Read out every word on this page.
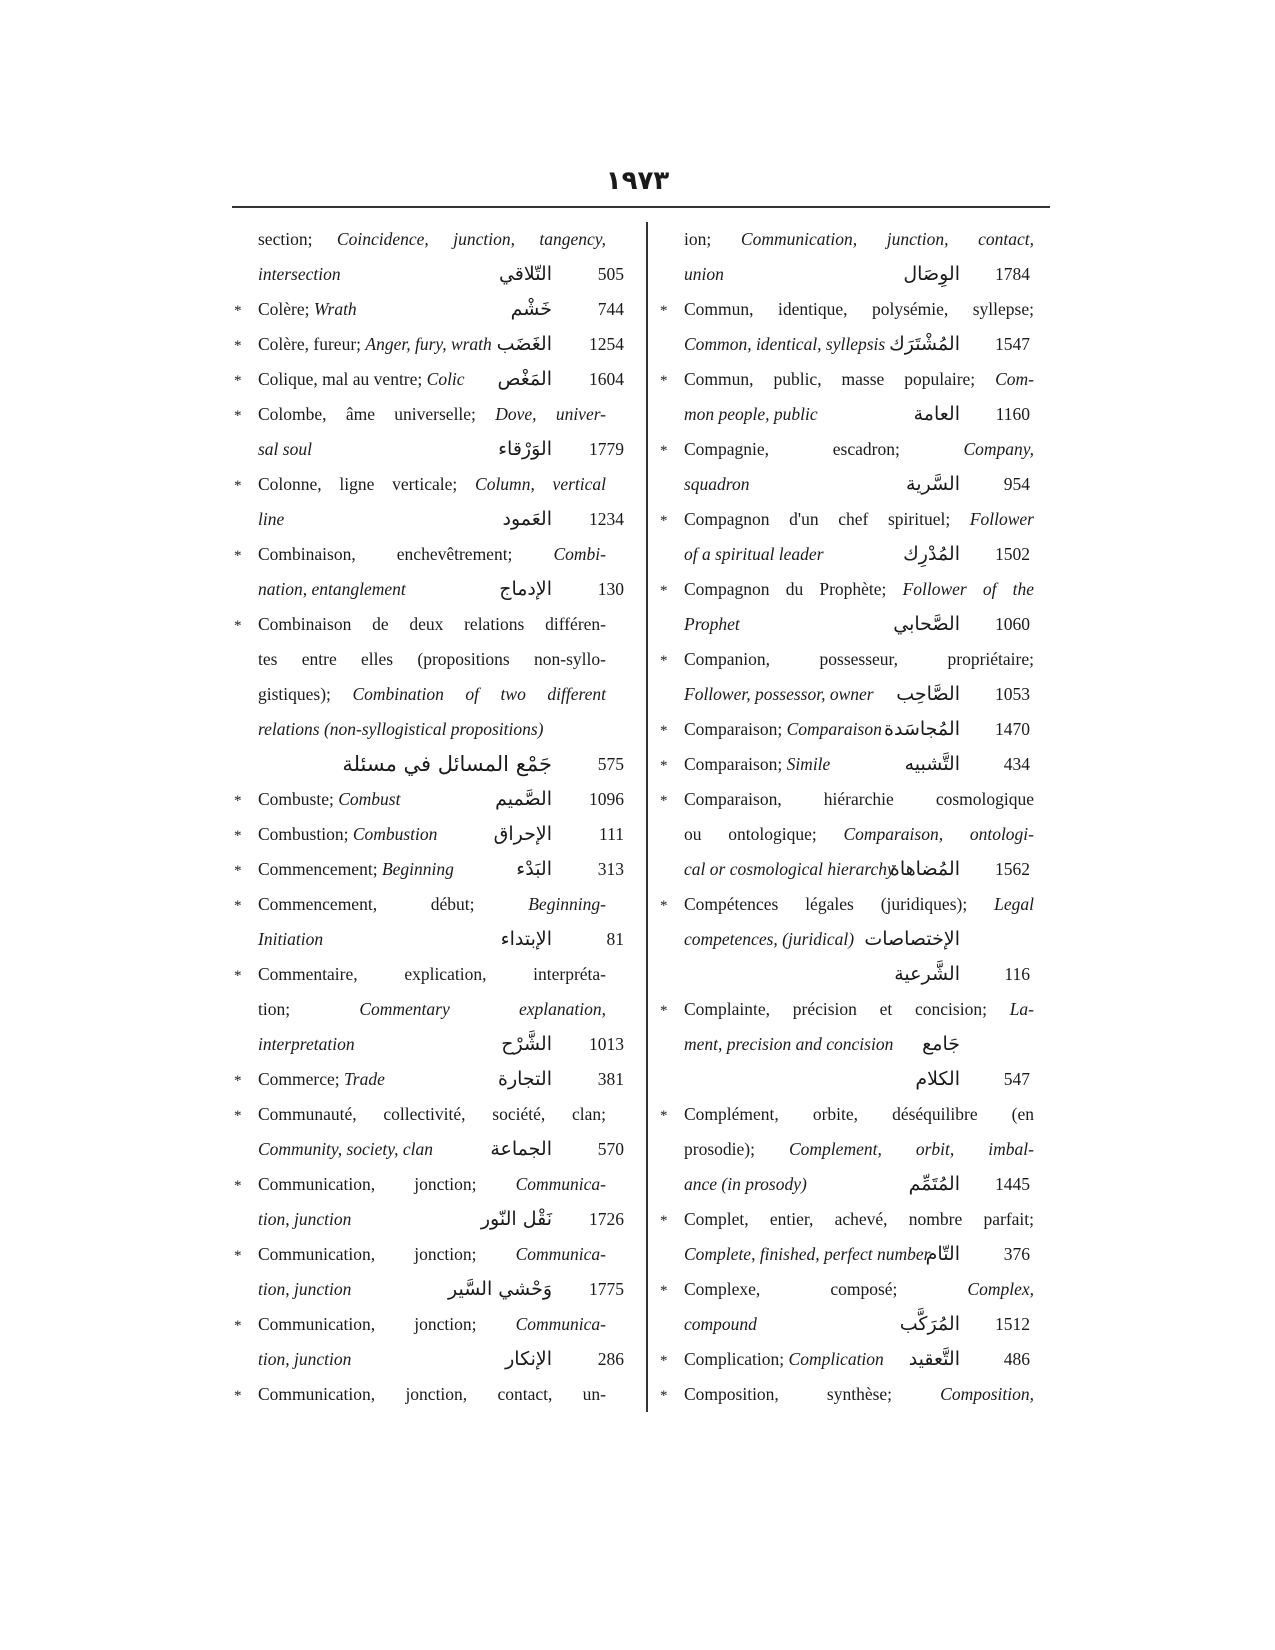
١٩٧٣
section; Coincidence, junction, tangency,
intersection	التّلاقي	505
* Colère; Wrath	خَشْم	744
* Colère, fureur; Anger, fury, wrath الغَضَب 1254
* Colique, mal au ventre; Colic المَغْص 1604
* Colombe, âme universelle; Dove, univer-
sal soul	الوَرْقاء 1779
* Colonne, ligne verticale; Column, vertical
line	العَمود 1234
* Combinaison, enchevêtrement; Combi-
nation, entanglement	الإدماج	130
* Combinaison de deux relations différen-
tes entre elles (propositions non-syllo-
gistiques); Combination of two different
relations (non-syllogistical propositions)
جَمْع المسائل في مسئلة	575
* Combuste; Combust	الصَّميم 1096
* Combustion; Combustion	الإحراق	111
* Commencement; Beginning	البَدْء	313
* Commencement, début; Beginning-
Initiation	الإبتداء	81
* Commentaire, explication, interpréta-
tion; Commentary explanation,
interpretation	الشَّرْح 1013
* Commerce; Trade	التجارة	381
* Communauté, collectivité, société, clan;
Community, society, clan	الجماعة	570
* Communication, jonction; Communica-
tion, junction	نَقْل النّور 1726
* Communication, jonction; Communica-
tion, junction	وَحْشي السَّير 1775
* Communication, jonction; Communica-
tion, junction	الإنكار	286
* Communication, jonction, contact, un-
ion; Communication, junction, contact,
union	الوِصَال 1784
* Commun, identique, polysémie, syllepse;
Common, identical, syllepsis المُشْتَرَك 1547
* Commun, public, masse populaire; Com-
mon people, public	العامة 1160
* Compagnie, escadron; Company,
squadron	السَّرية	954
* Compagnon d'un chef spirituel; Follower
of a spiritual leader	المُدْرِك 1502
* Compagnon du Prophète; Follower of the
Prophet	الصَّحابي 1060
* Companion, possesseur, propriétaire;
Follower, possessor, owner الصَّاحِب 1053
* Comparaison; Comparaison المُجاسَدة 1470
* Comparaison; Simile	التَّشبيه	434
* Comparaison, hiérarchie cosmologique
ou ontologique; Comparaison, ontologi-
cal or cosmological hierarchy
المُضاهاة 1562
* Compétences légales (juridiques); Legal
competences, (juridical) الإختصاصات
الشَّرعية	116
* Complainte, précision et concision; La-
ment, precision and concision جَامع
الكلام	547
* Complément, orbite, déséquilibre (en
prosodie); Complement, orbit, imbal-
ance (in prosody)	المُتَمِّم 1445
* Complet, entier, achevé, nombre parfait;
Complete, finished, perfect number
التّام	376
* Complexe, composé; Complex,
compound	المُرَكَّب 1512
* Complication; Complication التَّعقيد	486
* Composition, synthèse; Composition,
